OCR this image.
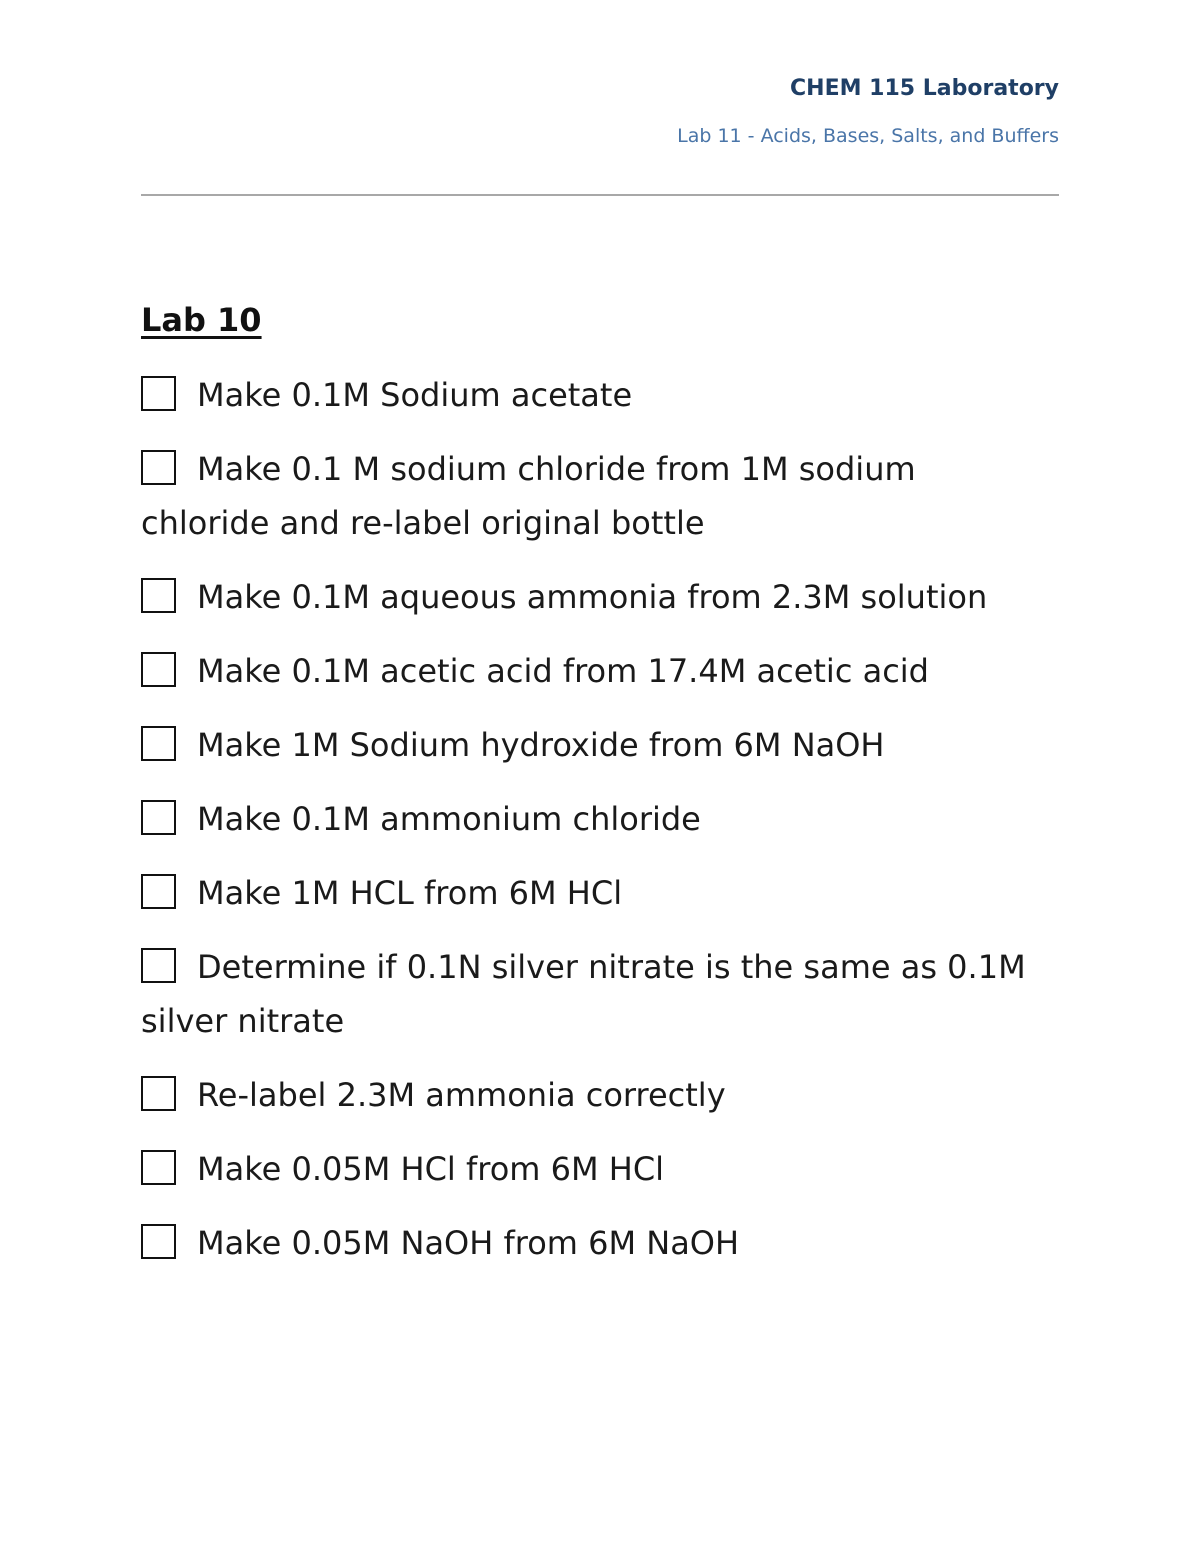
CHEM 115 Laboratory
Lab 11 - Acids, Bases, Salts, and Buffers
Lab 10
Make 0.1M Sodium acetate
Make 0.1 M sodium chloride from 1M sodium chloride and re-label original bottle
Make 0.1M aqueous ammonia from 2.3M solution
Make 0.1M acetic acid from 17.4M acetic acid
Make 1M Sodium hydroxide from 6M NaOH
Make 0.1M ammonium chloride
Make 1M HCL from 6M HCl
Determine if 0.1N silver nitrate is the same as 0.1M silver nitrate
Re-label 2.3M ammonia correctly
Make 0.05M HCl from 6M HCl
Make 0.05M NaOH from 6M NaOH
